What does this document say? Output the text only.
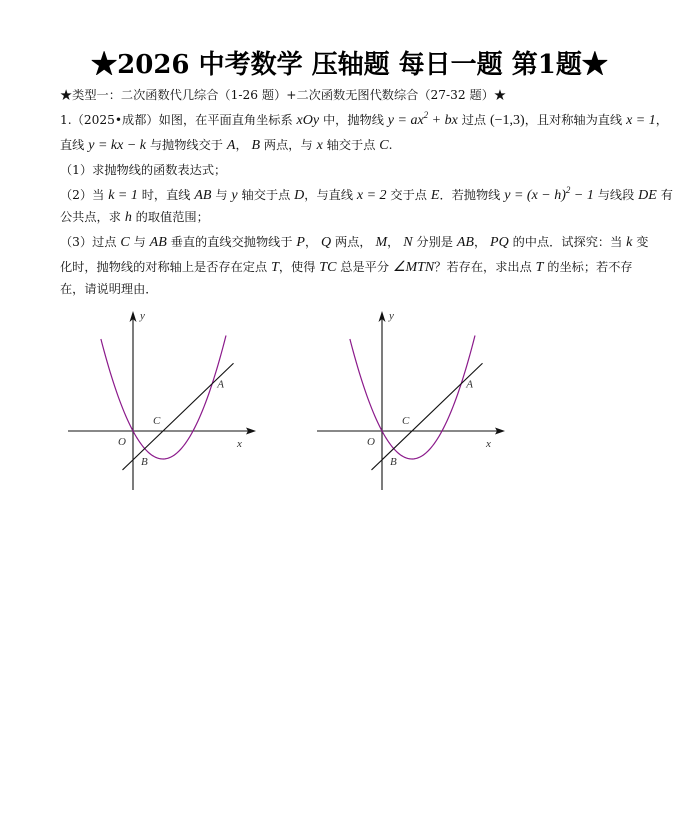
★2026 中考数学 压轴题 每日一题 第1题★
★类型一：二次函数代几综合（1-26 题）+二次函数无图代数综合（27-32 题）★
1.（2025•成都）如图，在平面直角坐标系 xOy 中，抛物线 $y = ax^2$ + bx 过点 (−1,3)，且对称轴为直线 x = 1，
直线 y = kx − k 与抛物线交于 A， B 两点，与 x 轴交于点 C.
（1）求抛物线的函数表达式；
（2）当 k = 1 时，直线 AB 与 y 轴交于点 D，与直线 x = 2 交于点 E．若抛物线 $y = (x - h)^2 - 1$ 与线段 DE 有
公共点，求 h 的取值范围；
（3）过点 C 与 AB 垂直的直线交抛物线于 P， Q 两点， M， N 分别是 AB， PQ 的中点．试探究：当 k 变
化时，抛物线的对称轴上是否存在定点 T，使得 TC 总是平分 ∠MTN？若存在，求出点 T 的坐标；若不存
在，请说明理由．
y
x
O
C
A
B
y
x
O
C
A
B
